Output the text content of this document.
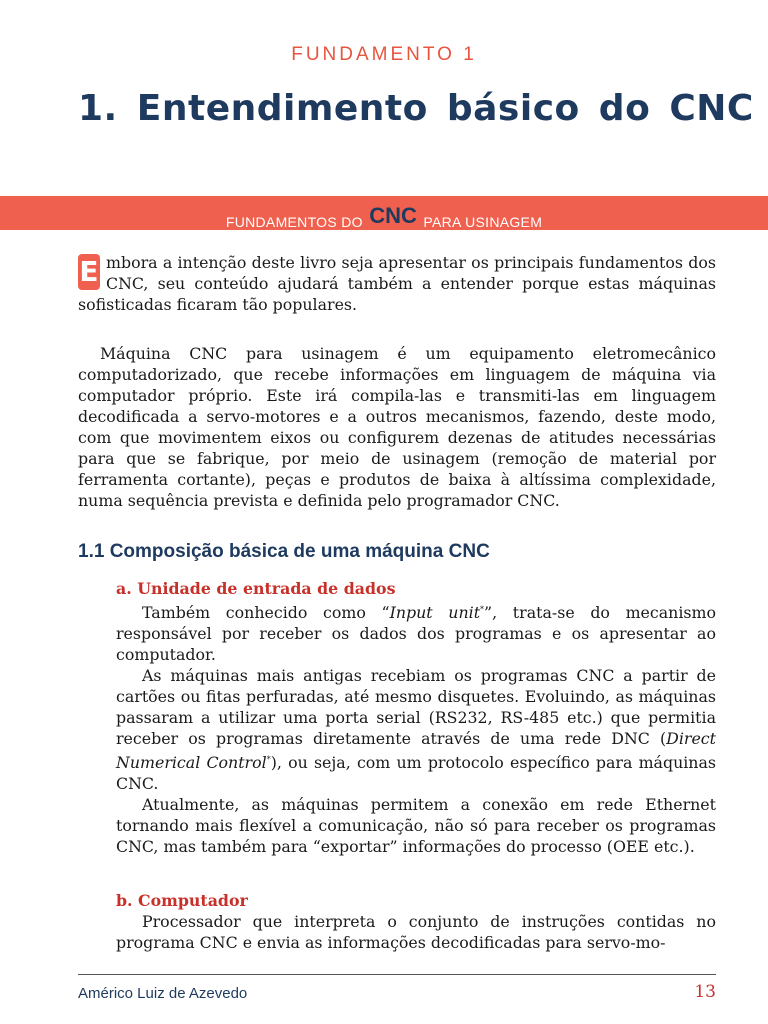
FUNDAMENTO 1
1. Entendimento básico do CNC
FUNDAMENTOS DO CNC PARA USINAGEM
E mbora a intenção deste livro seja apresentar os principais fundamentos dos CNC, seu conteúdo ajudará também a entender porque estas máquinas sofisticadas ficaram tão populares.
Máquina CNC para usinagem é um equipamento eletromecânico computadorizado, que recebe informações em linguagem de máquina via computador próprio. Este irá compila-las e transmiti-las em linguagem decodificada a servo-motores e a outros mecanismos, fazendo, deste modo, com que movimentem eixos ou configurem dezenas de atitudes necessárias para que se fabrique, por meio de usinagem (remoção de material por ferramenta cortante), peças e produtos de baixa à altíssima complexidade, numa sequência prevista e definida pelo programador CNC.
1.1 Composição básica de uma máquina CNC
a. Unidade de entrada de dados

Também conhecido como “Input unit*”, trata-se do mecanismo responsável por receber os dados dos programas e os apresentar ao computador.

As máquinas mais antigas recebiam os programas CNC a partir de cartões ou fitas perfuradas, até mesmo disquetes. Evoluindo, as máquinas passaram a utilizar uma porta serial (RS232, RS-485 etc.) que permitia receber os programas diretamente através de uma rede DNC (Direct Numerical Control*), ou seja, com um protocolo específico para máquinas CNC.

Atualmente, as máquinas permitem a conexão em rede Ethernet tornando mais flexível a comunicação, não só para receber os programas CNC, mas também para “exportar” informações do processo (OEE etc.).

b. Computador

Processador que interpreta o conjunto de instruções contidas no programa CNC e envia as informações decodificadas para servo-mo-

Américo Luiz de Azevedo	13
